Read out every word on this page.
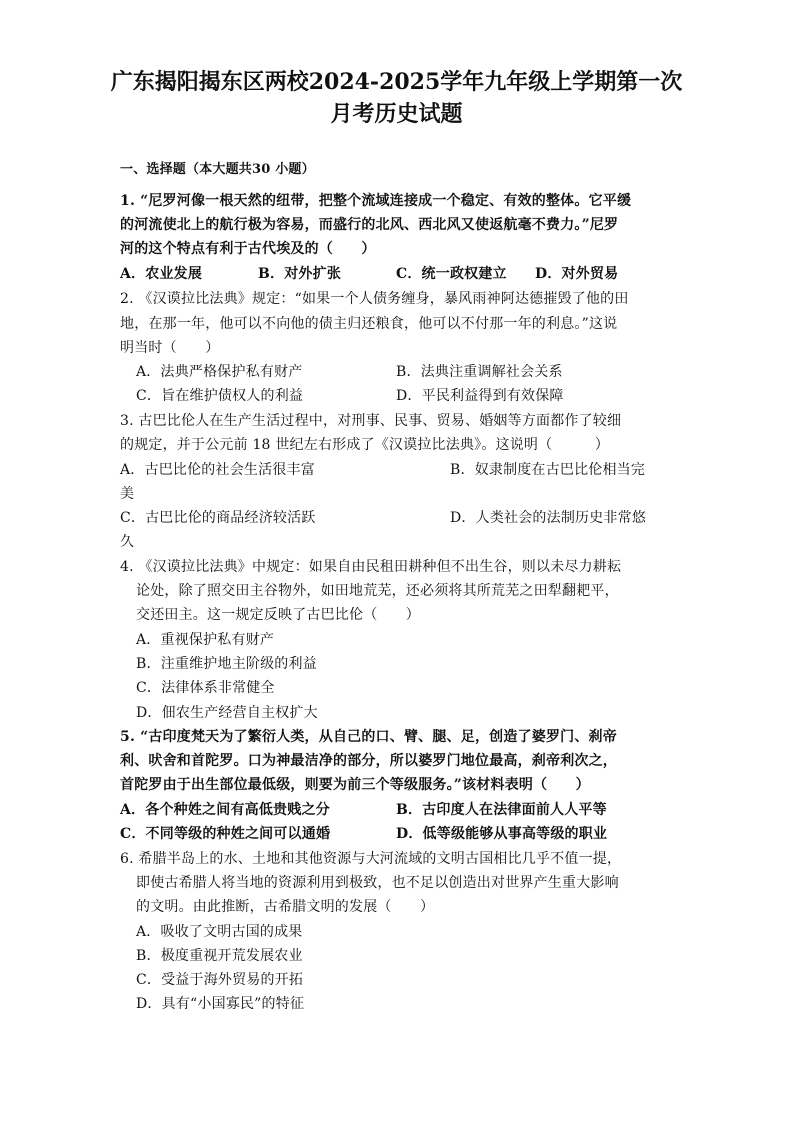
广东揭阳揭东区两校2024-2025学年九年级上学期第一次
月考历史试题
一、选择题（本大题共30 小题）
1. “尼罗河像一根天然的纽带，把整个流域连接成一个稳定、有效的整体。它平缓
的河流使北上的航行极为容易，而盛行的北风、西北风又使返航毫不费力。”尼罗
河的这个特点有利于古代埃及的（　　）
A．农业发展	B．对外扩张	C．统一政权建立 D．对外贸易
2. 《汉谟拉比法典》规定：“如果一个人债务缠身，暴风雨神阿达德摧毁了他的田
地，在那一年，他可以不向他的债主归还粮食，他可以不付那一年的利息。”这说
明当时（　　）
A．法典严格保护私有财产	B．法典注重调解社会关系
C．旨在维护债权人的利益	D．平民利益得到有效保障
3. 古巴比伦人在生产生活过程中，对刑事、民事、贸易、婚姻等方面都作了较细
的规定，并于公元前 18 世纪左右形成了《汉谟拉比法典》。这说明（　　　）
A．古巴比伦的社会生活很丰富	B．奴隶制度在古巴比伦相当完
美
C．古巴比伦的商品经济较活跃	D．人类社会的法制历史非常悠
久
4. 《汉谟拉比法典》中规定：如果自由民租田耕种但不出生谷，则以未尽力耕耘
论处，除了照交田主谷物外，如田地荒芜，还必须将其所荒芜之田犁翻耙平，
交还田主。这一规定反映了古巴比伦（　　）
A．重视保护私有财产
B．注重维护地主阶级的利益
C．法律体系非常健全
D．佃农生产经营自主权扩大
5. “古印度梵天为了繁衍人类，从自己的口、臂、腿、足，创造了婆罗门、刹帝
利、吠舍和首陀罗。口为神最洁净的部分，所以婆罗门地位最高，刹帝利次之，
首陀罗由于出生部位最低级，则要为前三个等级服务。”该材料表明（　　）
A．各个种姓之间有高低贵贱之分	B．古印度人在法律面前人人平等
C．不同等级的种姓之间可以通婚	D．低等级能够从事高等级的职业
6. 希腊半岛上的水、土地和其他资源与大河流域的文明古国相比几乎不值一提，
即使古希腊人将当地的资源利用到极致，也不足以创造出对世界产生重大影响
的文明。由此推断，古希腊文明的发展（　　）
A．吸收了文明古国的成果
B．极度重视开荒发展农业
C．受益于海外贸易的开拓
D．具有“小国寡民”的特征
